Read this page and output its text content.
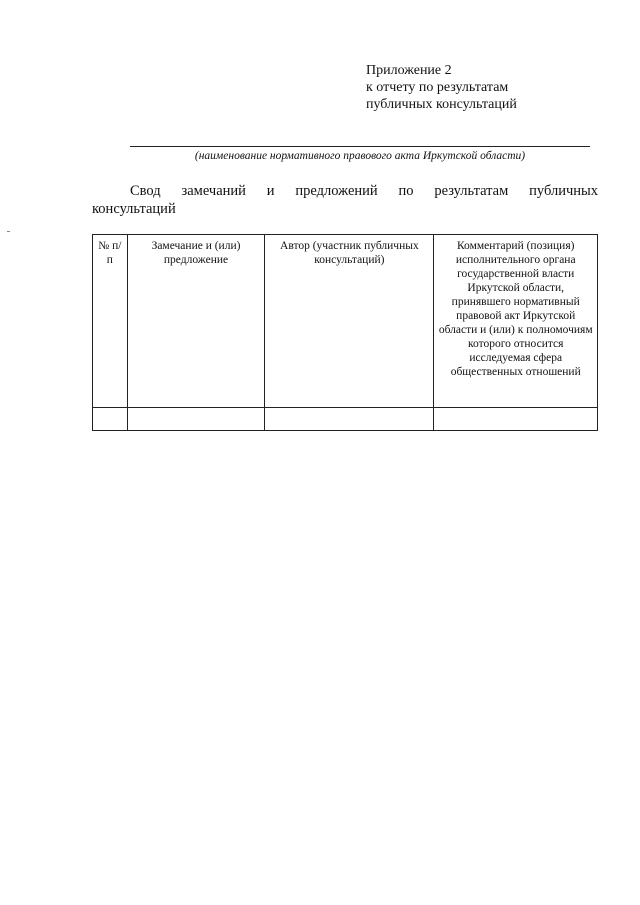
Приложение 2
к отчету по результатам
публичных консультаций
(наименование нормативного правового акта Иркутской области)
Свод замечаний и предложений по результатам публичных
консультаций
№ п/п	Замечание и (или) предложение	Автор (участник публичных консультаций)	Комментарий (позиция) исполнительного органа государственной власти Иркутской области, принявшего нормативный правовой акт Иркутской области и (или) к полномочиям которого относится исследуемая сфера общественных отношений
